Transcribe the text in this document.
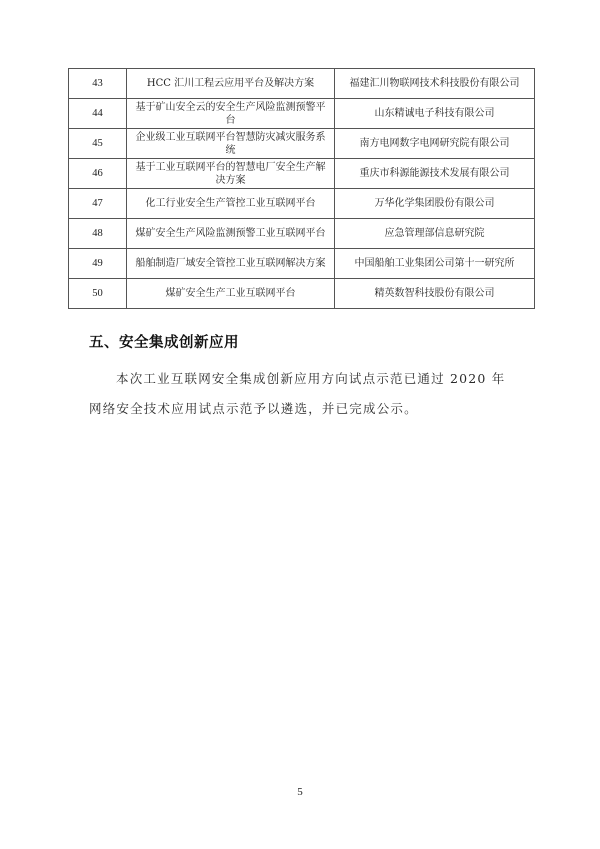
43	HCC 汇川工程云应用平台及解决方案	福建汇川物联网技术科技股份有限公司
44	基于矿山安全云的安全生产风险监测预警平台	山东精诚电子科技有限公司
45	企业级工业互联网平台智慧防灾减灾服务系统	南方电网数字电网研究院有限公司
46	基于工业互联网平台的智慧电厂安全生产解决方案	重庆市科源能源技术发展有限公司
47	化工行业安全生产管控工业互联网平台	万华化学集团股份有限公司
48	煤矿安全生产风险监测预警工业互联网平台	应急管理部信息研究院
49	船舶制造厂域安全管控工业互联网解决方案	中国船舶工业集团公司第十一研究所
50	煤矿安全生产工业互联网平台	精英数智科技股份有限公司
五、安全集成创新应用

本次工业互联网安全集成创新应用方向试点示范已通过 2020 年网络安全技术应用试点示范予以遴选，并已完成公示。

5
